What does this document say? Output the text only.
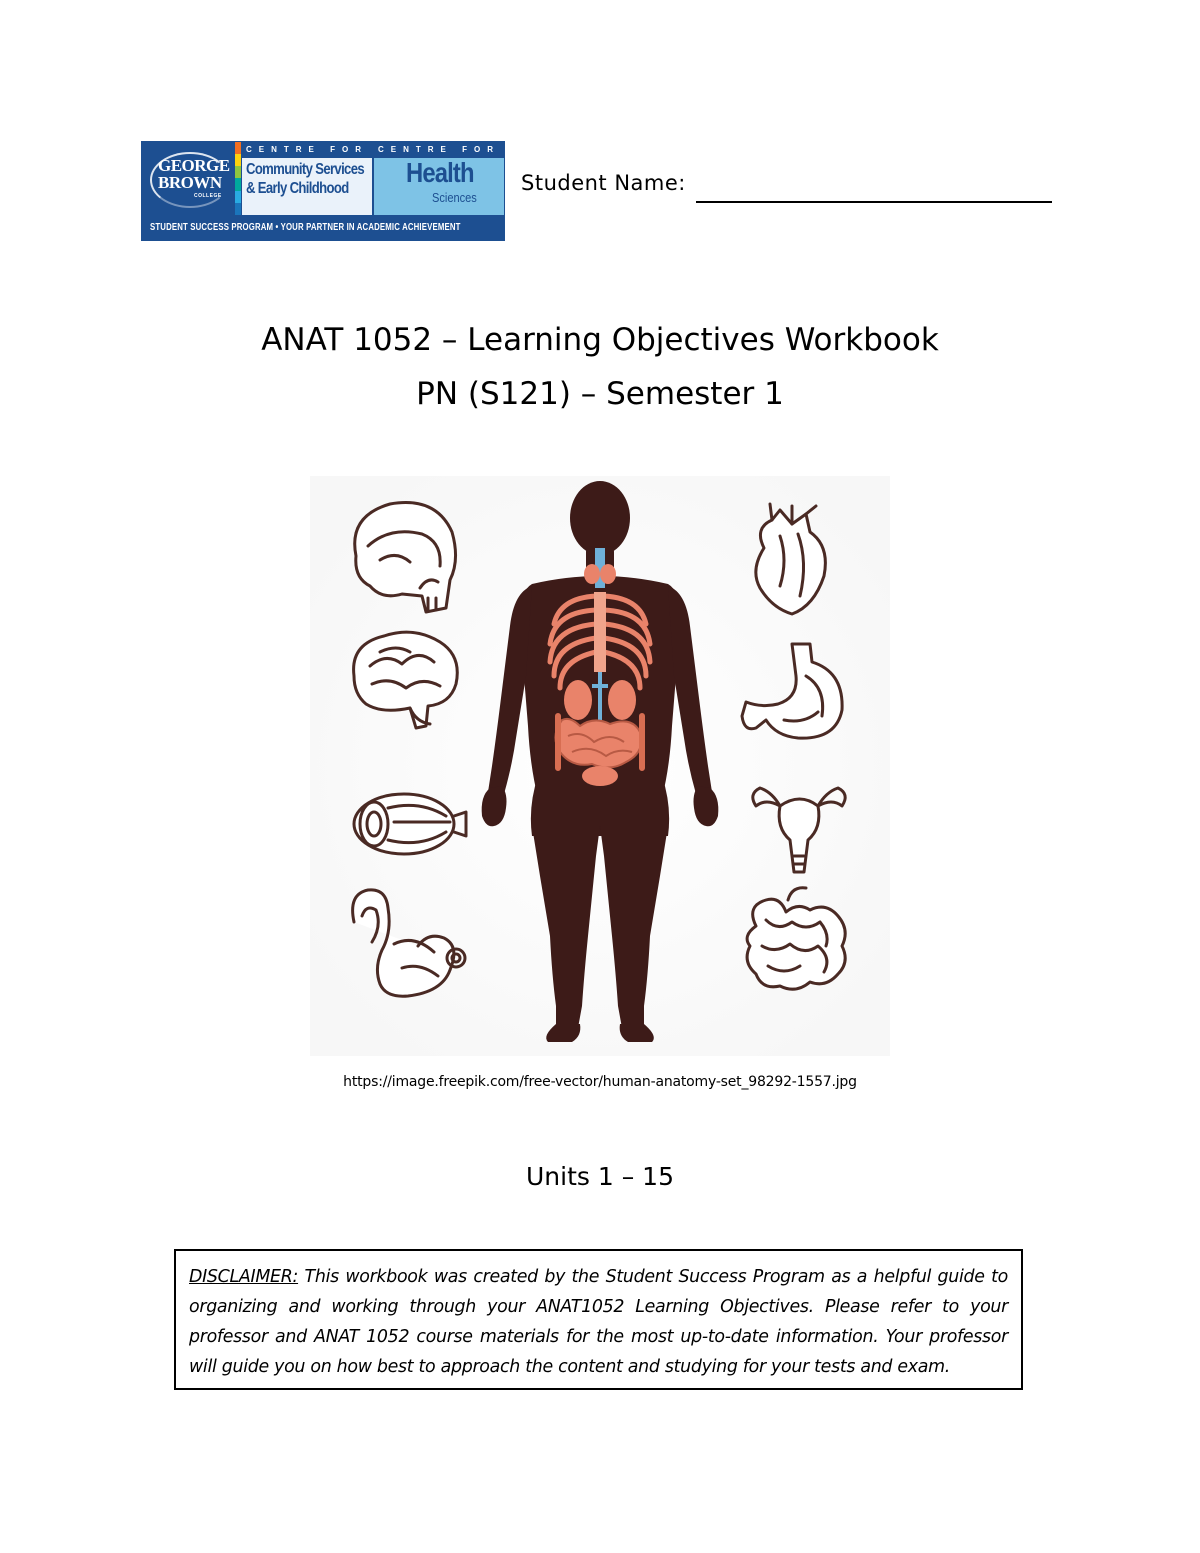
GEORGE
BROWN
COLLEGE
CENTRE FOR
Community Services
& Early Childhood
CENTRE FOR
Health
Sciences
STUDENT SUCCESS PROGRAM • YOUR PARTNER IN ACADEMIC ACHIEVEMENT
Student Name:
ANAT 1052 – Learning Objectives Workbook
PN (S121) – Semester 1
https://image.freepik.com/free-vector/human-anatomy-set_98292-1557.jpg
Units 1 – 15
DISCLAIMER: This workbook was created by the Student Success Program as a helpful guide to organizing and working through your ANAT1052 Learning Objectives. Please refer to your professor and ANAT 1052 course materials for the most up-to-date information. Your professor will guide you on how best to approach the content and studying for your tests and exam.
